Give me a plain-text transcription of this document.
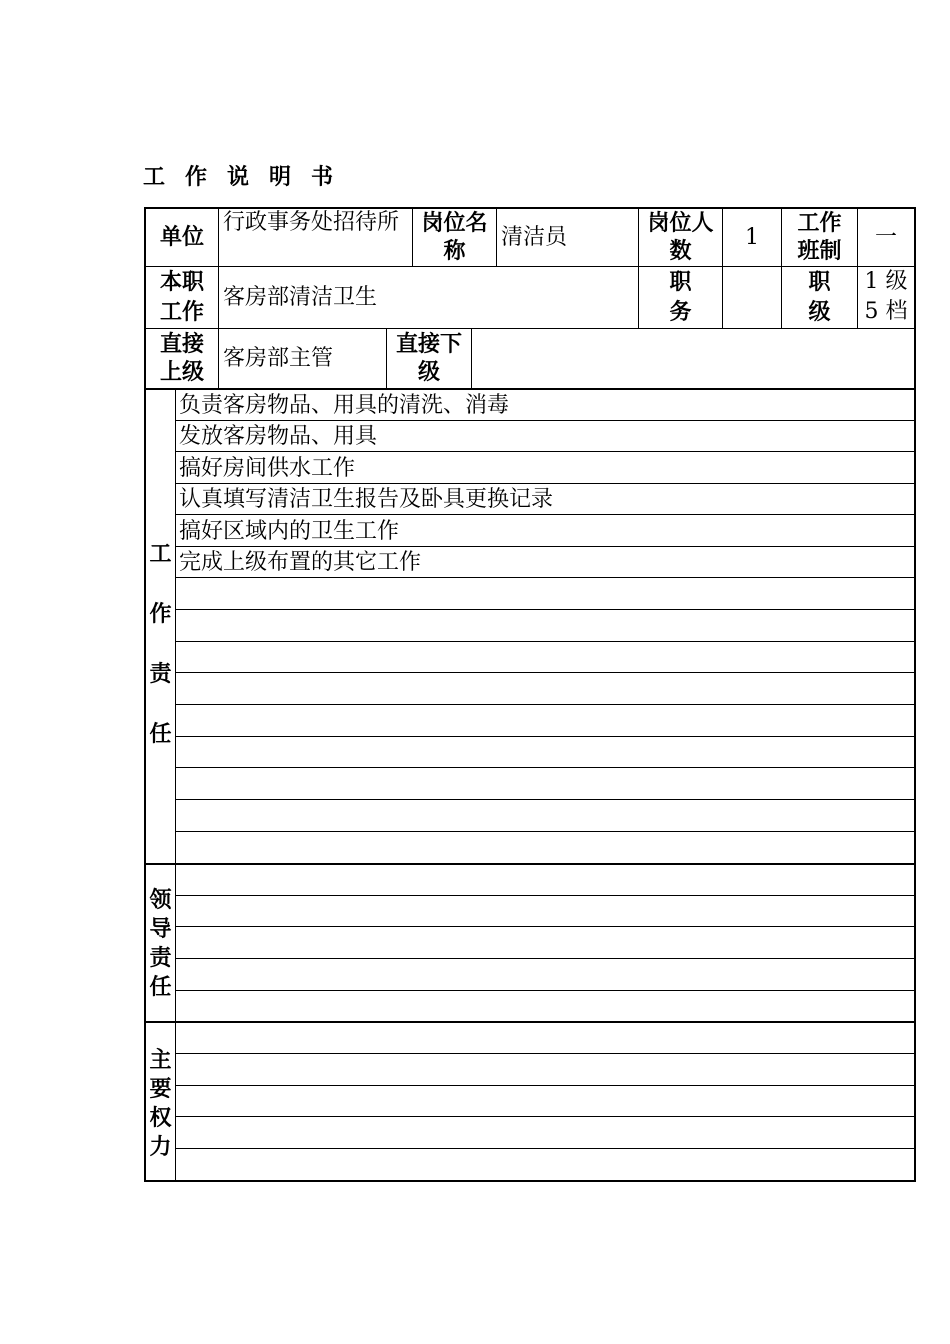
工作说明书
单位
行政事务处招待所	岗位名称
清洁员
岗位人数
1
工作班制
一
本职工作
客房部清洁卫生
职务
职级
1 级
5 档
直接上级
客房部主管
直接下级
工
作
责
任
负责客房物品、用具的清洗、消毒
发放客房物品、用具
搞好房间供水工作
认真填写清洁卫生报告及卧具更换记录
搞好区域内的卫生工作
完成上级布置的其它工作
领
导
责
任
主
要
权
力
